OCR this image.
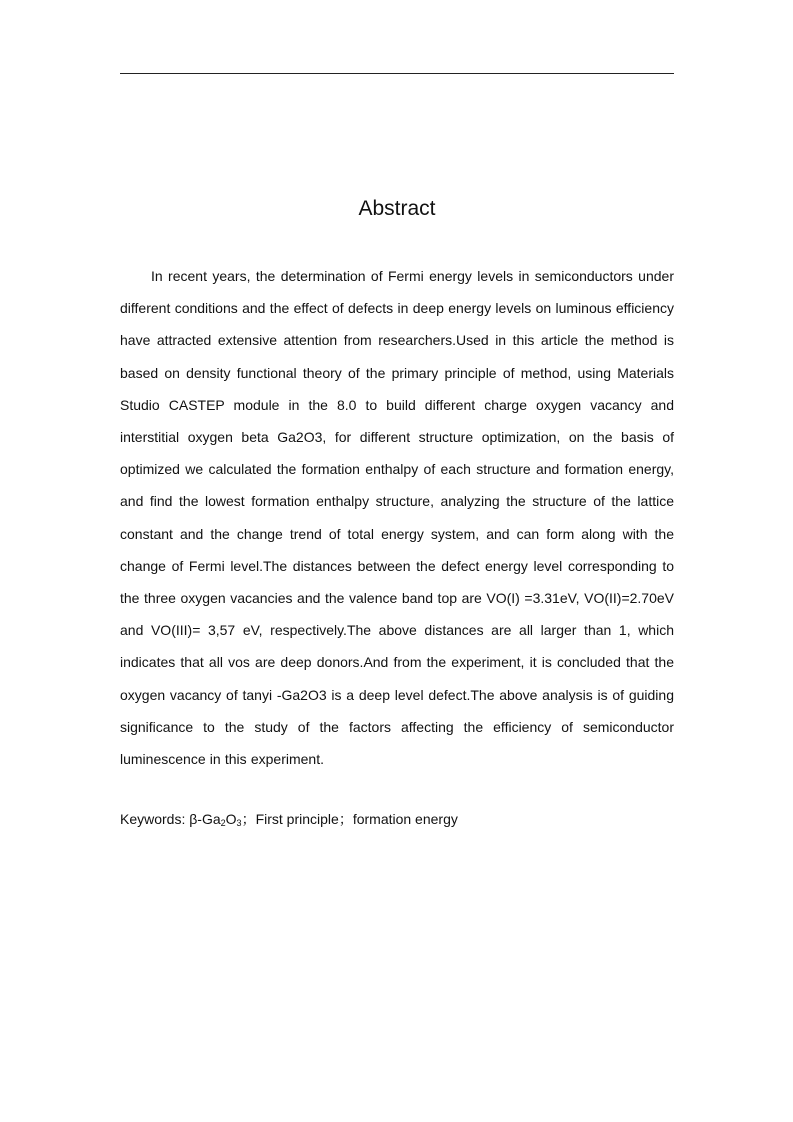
Abstract

In recent years, the determination of Fermi energy levels in semiconductors under different conditions and the effect of defects in deep energy levels on luminous efficiency have attracted extensive attention from researchers.Used in this article the method is based on density functional theory of the primary principle of method, using Materials Studio CASTEP module in the 8.0 to build different charge oxygen vacancy and interstitial oxygen beta Ga2O3, for different structure optimization, on the basis of optimized we calculated the formation enthalpy of each structure and formation energy, and find the lowest formation enthalpy structure, analyzing the structure of the lattice constant and the change trend of total energy system, and can form along with the change of Fermi level.The distances between the defect energy level corresponding to the three oxygen vacancies and the valence band top are VO(I) =3.31eV, VO(II)=2.70eV and VO(III)= 3,57 eV, respectively.The above distances are all larger than 1, which indicates that all vos are deep donors.And from the experiment, it is concluded that the oxygen vacancy of tanyi -Ga2O3 is a deep level defect.The above analysis is of guiding significance to the study of the factors affecting the efficiency of semiconductor luminescence in this experiment.

Keywords: $\beta-Ga_2O_3$；First principle；formation energy
